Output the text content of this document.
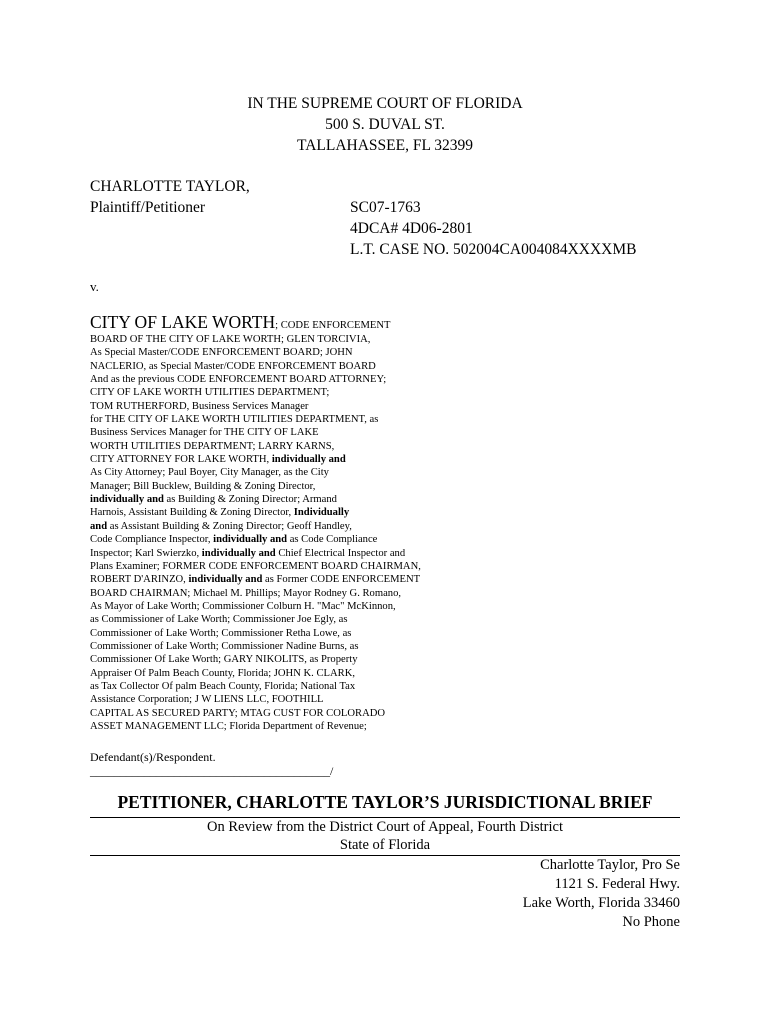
IN THE SUPREME COURT OF FLORIDA
500 S. DUVAL ST.
TALLAHASSEE, FL 32399
CHARLOTTE TAYLOR,
Plaintiff/Petitioner	SC07-1763
4DCA# 4D06-2801
L.T. CASE NO. 502004CA004084XXXXMB
v.
CITY OF LAKE WORTH; CODE ENFORCEMENT
BOARD OF THE CITY OF LAKE WORTH; GLEN TORCIVIA,
As Special Master/CODE ENFORCEMENT BOARD; JOHN
NACLERIO, as Special Master/CODE ENFORCEMENT BOARD
And as the previous CODE ENFORCEMENT BOARD ATTORNEY;
CITY OF LAKE WORTH UTILITIES DEPARTMENT;
TOM RUTHERFORD, Business Services Manager
for THE CITY OF LAKE WORTH UTILITIES DEPARTMENT, as
Business Services Manager for THE CITY OF LAKE
WORTH UTILITIES DEPARTMENT; LARRY KARNS,
CITY ATTORNEY FOR LAKE WORTH, individually and
As City Attorney; Paul Boyer, City Manager, as the City
Manager; Bill Bucklew, Building & Zoning Director,
individually and as Building & Zoning Director; Armand
Harnois, Assistant Building & Zoning Director, Individually
and as Assistant Building & Zoning Director; Geoff Handley,
Code Compliance Inspector, individually and as Code Compliance
Inspector; Karl Swierzko, individually and Chief Electrical Inspector and
Plans Examiner; FORMER CODE ENFORCEMENT BOARD CHAIRMAN,
ROBERT D'ARINZO, individually and as Former CODE ENFORCEMENT
BOARD CHAIRMAN; Michael M. Phillips; Mayor Rodney G. Romano,
As Mayor of Lake Worth; Commissioner Colburn H. "Mac" McKinnon,
as Commissioner of Lake Worth; Commissioner Joe Egly, as
Commissioner of Lake Worth; Commissioner Retha Lowe, as
Commissioner of Lake Worth; Commissioner Nadine Burns, as
Commissioner Of Lake Worth; GARY NIKOLITS, as Property
Appraiser Of Palm Beach County, Florida; JOHN K. CLARK,
as Tax Collector Of palm Beach County, Florida; National Tax
Assistance Corporation; J W LIENS LLC, FOOTHILL
CAPITAL AS SECURED PARTY; MTAG CUST FOR COLORADO
ASSET MANAGEMENT LLC; Florida Department of Revenue;
Defendant(s)/Respondent.
________________________________________/
PETITIONER, CHARLOTTE TAYLOR’S JURISDICTIONAL BRIEF
On Review from the District Court of Appeal, Fourth District
State of Florida
Charlotte Taylor, Pro Se
1121 S. Federal Hwy.
Lake Worth, Florida 33460
No Phone
